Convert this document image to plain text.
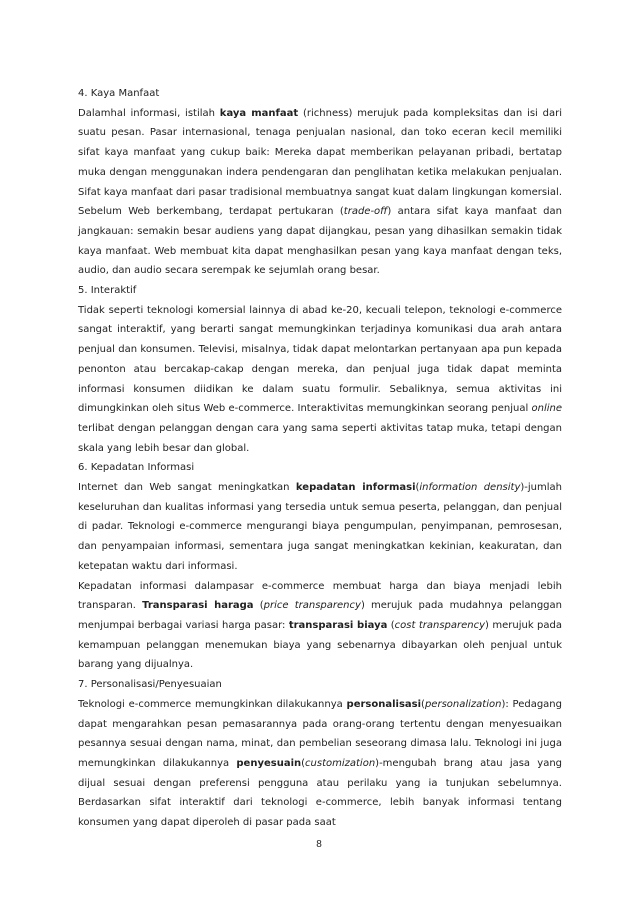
4. Kaya Manfaat
Dalamhal informasi, istilah kaya manfaat (richness) merujuk pada kompleksitas dan isi dari suatu pesan. Pasar internasional, tenaga penjualan nasional, dan toko eceran kecil memiliki sifat kaya manfaat yang cukup baik: Mereka dapat memberikan pelayanan pribadi, bertatap muka dengan menggunakan indera pendengaran dan penglihatan ketika melakukan penjualan. Sifat kaya manfaat dari pasar tradisional membuatnya sangat kuat dalam lingkungan komersial. Sebelum Web berkembang, terdapat pertukaran (trade-off) antara sifat kaya manfaat dan jangkauan: semakin besar audiens yang dapat dijangkau, pesan yang dihasilkan semakin tidak kaya manfaat. Web membuat kita dapat menghasilkan pesan yang kaya manfaat dengan teks, audio, dan audio secara serempak ke sejumlah orang besar.
5. Interaktif
Tidak seperti teknologi komersial lainnya di abad ke-20, kecuali telepon, teknologi e-commerce sangat interaktif, yang berarti sangat memungkinkan terjadinya komunikasi dua arah antara penjual dan konsumen. Televisi, misalnya, tidak dapat melontarkan pertanyaan apa pun kepada penonton atau bercakap-cakap dengan mereka, dan penjual juga tidak dapat meminta informasi konsumen diidikan ke dalam suatu formulir. Sebaliknya, semua aktivitas ini dimungkinkan oleh situs Web e-commerce. Interaktivitas memungkinkan seorang penjual online terlibat dengan pelanggan dengan cara yang sama seperti aktivitas tatap muka, tetapi dengan skala yang lebih besar dan global.
6. Kepadatan Informasi
Internet dan Web sangat meningkatkan kepadatan informasi(information density)-jumlah keseluruhan dan kualitas informasi yang tersedia untuk semua peserta, pelanggan, dan penjual di padar. Teknologi e-commerce mengurangi biaya pengumpulan, penyimpanan, pemrosesan, dan penyampaian informasi, sementara juga sangat meningkatkan kekinian, keakuratan, dan ketepatan waktu dari informasi.
Kepadatan informasi dalampasar e-commerce membuat harga dan biaya menjadi lebih transparan. Transparasi haraga (price transparency) merujuk pada mudahnya pelanggan menjumpai berbagai variasi harga pasar: transparasi biaya (cost transparency) merujuk pada kemampuan pelanggan menemukan biaya yang sebenarnya dibayarkan oleh penjual untuk barang yang dijualnya.
7. Personalisasi/Penyesuaian
Teknologi e-commerce memungkinkan dilakukannya personalisasi(personalization): Pedagang dapat mengarahkan pesan pemasarannya pada orang-orang tertentu dengan menyesuaikan pesannya sesuai dengan nama, minat, dan pembelian seseorang dimasa lalu. Teknologi ini juga memungkinkan dilakukannya penyesuain(customization)-mengubah brang atau jasa yang dijual sesuai dengan preferensi pengguna atau perilaku yang ia tunjukan sebelumnya. Berdasarkan sifat interaktif dari teknologi e-commerce, lebih banyak informasi tentang konsumen yang dapat diperoleh di pasar pada saat
8
